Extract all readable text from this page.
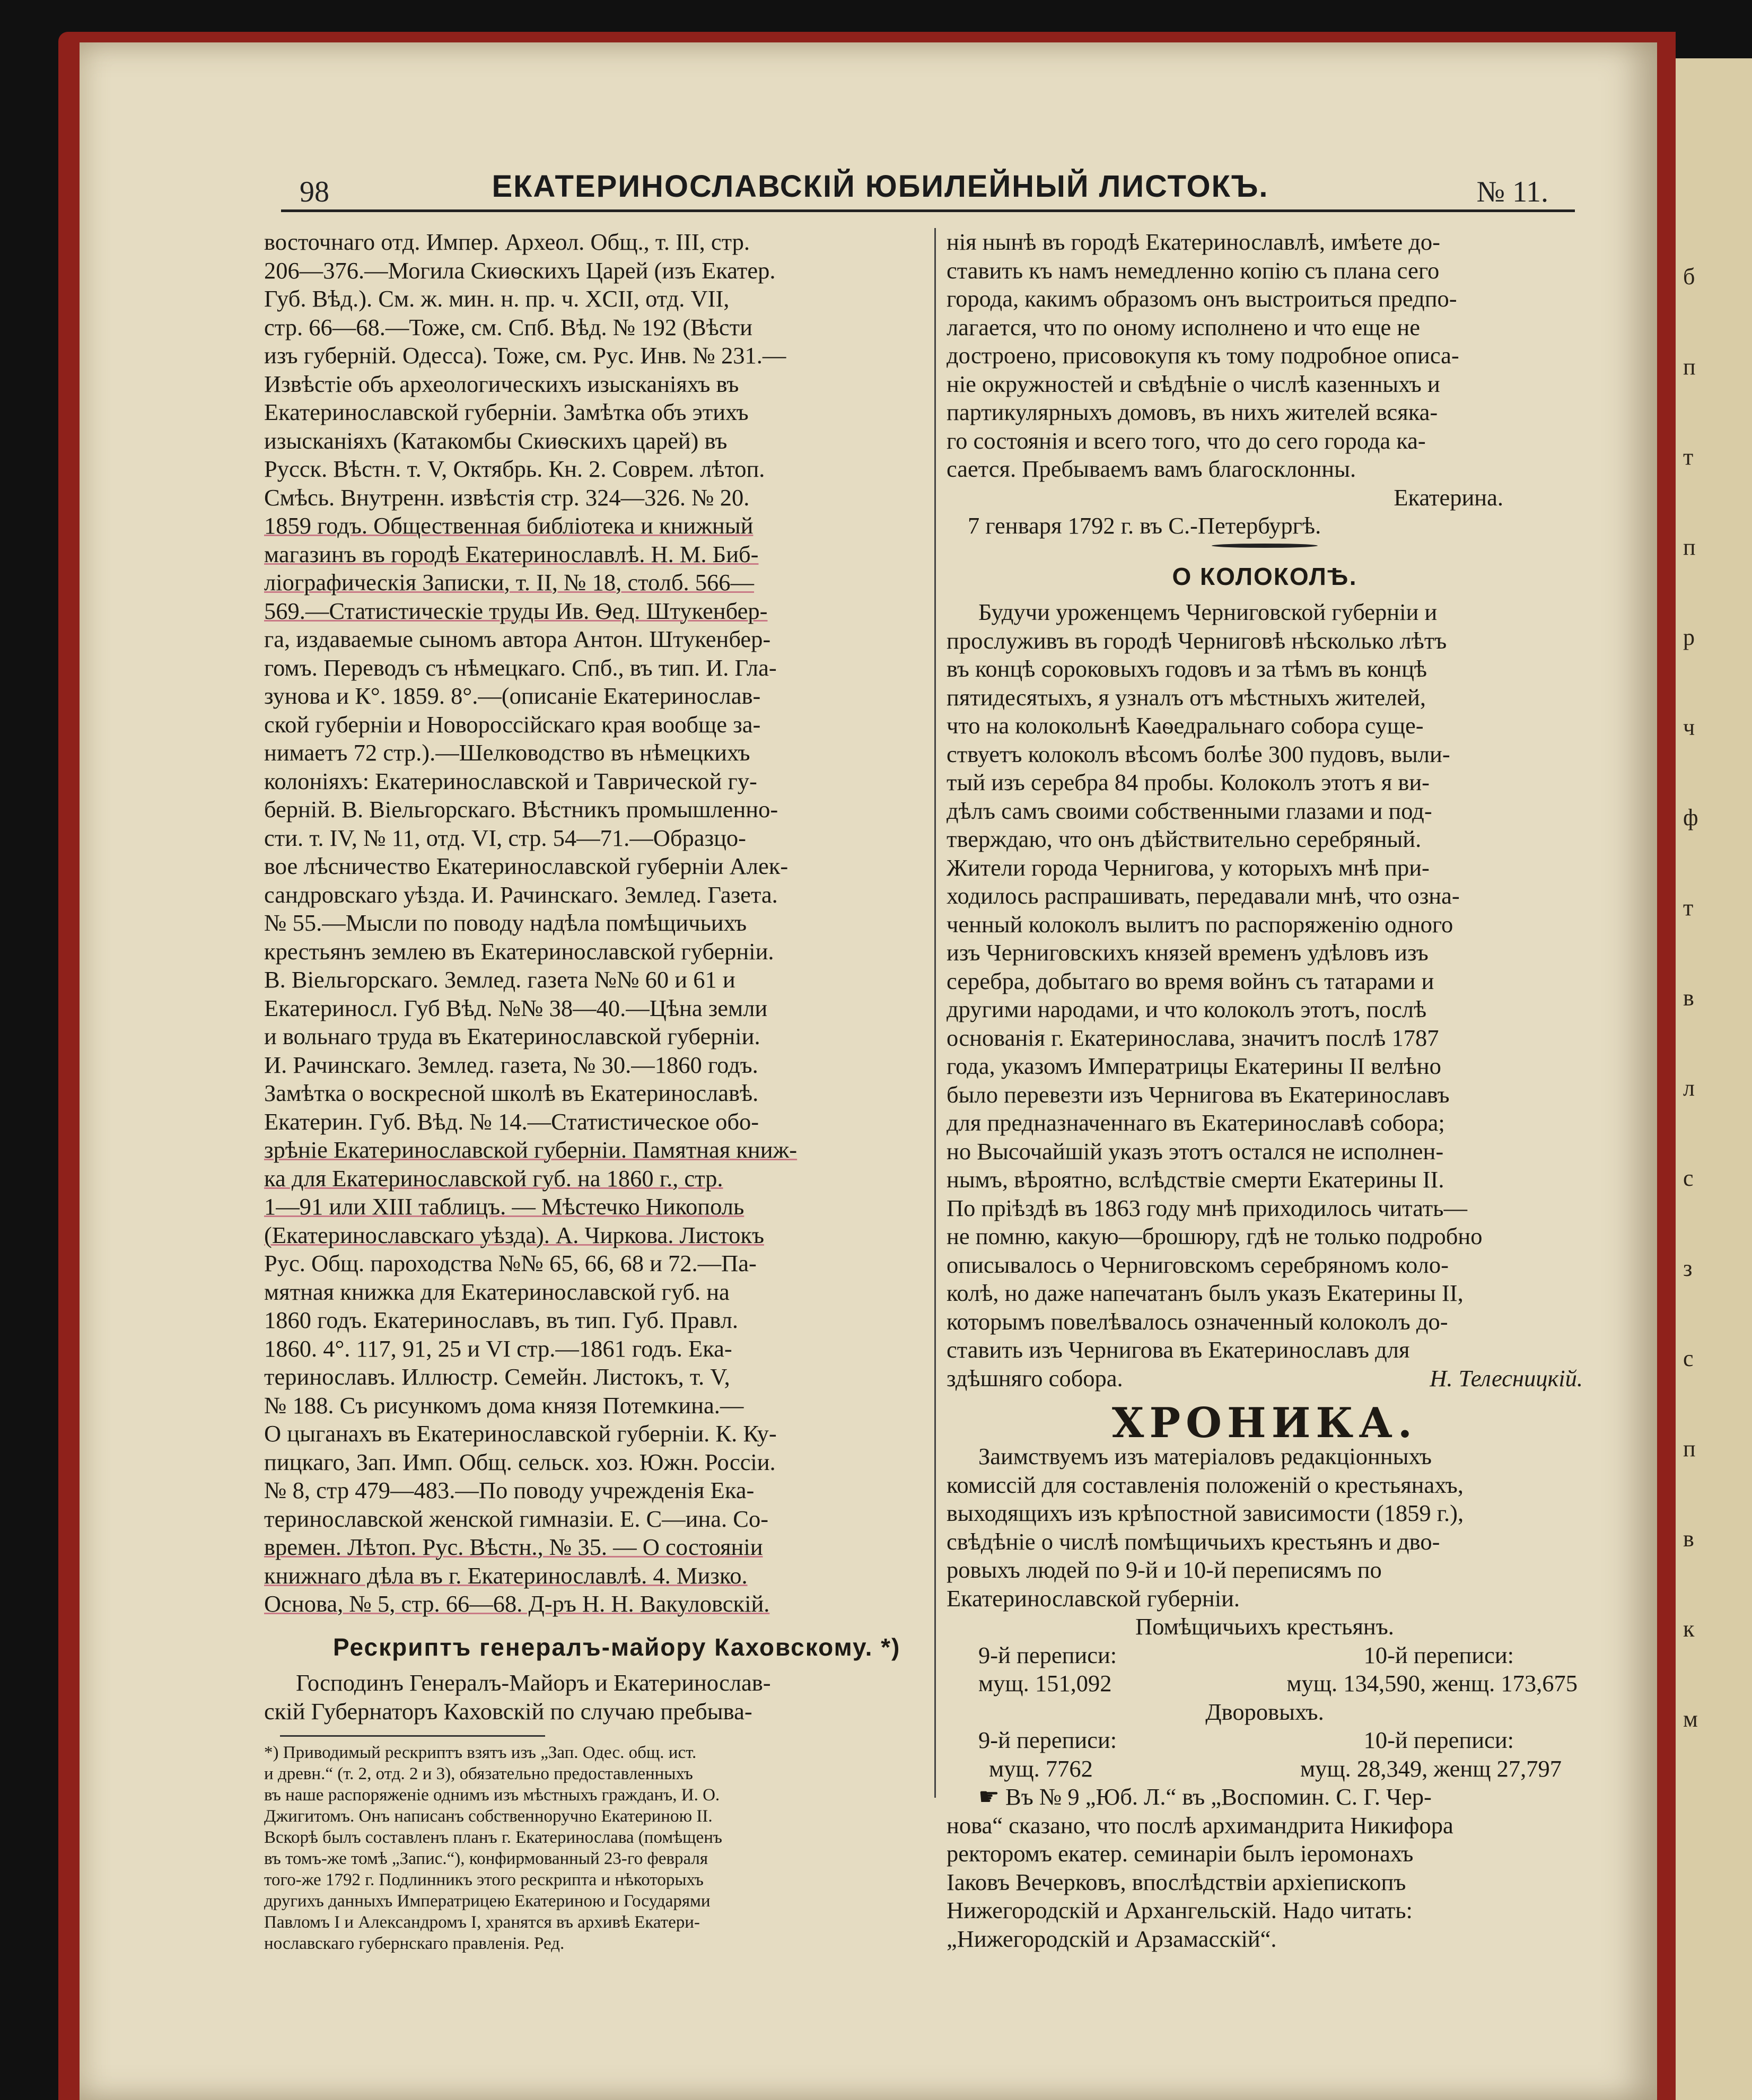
б
п
т
п
р
ч
ф
т
в
л
с
з
с
п
в
к
м
98	ЕКАТЕРИНОСЛАВСКІЙ ЮБИЛЕЙНЫЙ ЛИСТОКЪ.	№ 11.

восточнаго отд. Импер. Археол. Общ., т. III, стр.

206—376.—Могила Скиѳскихъ Царей (изъ Екатер.

Губ. Вѣд.). См. ж. мин. н. пр. ч. XCII, отд. VII,

стр. 66—68.—Тоже, см. Спб. Вѣд. № 192 (Вѣсти

изъ губерній. Одесса). Тоже, см. Рус. Инв. № 231.—

Извѣстіе объ археологическихъ изысканіяхъ въ

Екатеринославской губерніи. Замѣтка объ этихъ

изысканіяхъ (Катакомбы Скиѳскихъ царей) въ

Русск. Вѣстн. т. V, Октябрь. Кн. 2. Соврем. лѣтоп.

Смѣсь. Внутренн. извѣстія стр. 324—326. № 20.

1859 годъ. Общественная библіотека и книжный

магазинъ въ городѣ Екатеринославлѣ. Н. М. Биб-

ліографическія Записки, т. II, № 18, столб. 566—

569.—Статистическіе труды Ив. Ѳед. Штукенбер-

га, издаваемые сыномъ автора Антон. Штукенбер-

гомъ. Переводъ съ нѣмецкаго. Спб., въ тип. И. Гла-

зунова и К°. 1859. 8°.—(описаніе Екатеринослав-

ской губерніи и Новороссійскаго края вообще за-

нимаетъ 72 стр.).—Шелководство въ нѣмецкихъ

колоніяхъ: Екатеринославской и Таврической гу-

берній. В. Віельгорскаго. Вѣстникъ промышленно-

сти. т. IV, № 11, отд. VI, стр. 54—71.—Образцо-

вое лѣсничество Екатеринославской губерніи Алек-

сандровскаго уѣзда. И. Рачинскаго. Землед. Газета.

№ 55.—Мысли по поводу надѣла помѣщичьихъ

крестьянъ землею въ Екатеринославской губерніи.

В. Віельгорскаго. Землед. газета №№ 60 и 61 и

Екатериносл. Губ Вѣд. №№ 38—40.—Цѣна земли

и вольнаго труда въ Екатеринославской губерніи.

И. Рачинскаго. Землед. газета, № 30.—1860 годъ.

Замѣтка о воскресной школѣ въ Екатеринославѣ.

Екатерин. Губ. Вѣд. № 14.—Статистическое обо-

зрѣніе Екатеринославской губерніи. Памятная книж-

ка для Екатеринославской губ. на 1860 г., стр.

1—91 или XIII таблицъ. — Мѣстечко Никополь

(Екатеринославскаго уѣзда). А. Чиркова. Листокъ

Рус. Общ. пароходства №№ 65, 66, 68 и 72.—Па-

мятная книжка для Екатеринославской губ. на

1860 годъ. Екатеринославъ, въ тип. Губ. Правл.

1860. 4°. 117, 91, 25 и VI стр.—1861 годъ. Ека-

теринославъ. Иллюстр. Семейн. Листокъ, т. V,

№ 188. Съ рисункомъ дома князя Потемкина.—

О цыганахъ въ Екатеринославской губерніи. К. Ку-

пицкаго, Зап. Имп. Общ. сельск. хоз. Южн. Россіи.

№ 8, стр 479—483.—По поводу учрежденія Ека-

теринославской женской гимназіи. Е. С—ина. Со-

времен. Лѣтоп. Рус. Вѣстн., № 35. — О состояніи

книжнаго дѣла въ г. Екатеринославлѣ. 4. Мизко.

Основа, № 5, стр. 66—68. Д-ръ Н. Н. Вакуловскій.

Рескриптъ генералъ-майору Каховскому. *)

Господинъ Генералъ-Майоръ и Екатеринослав-

скій Губернаторъ Каховскій по случаю пребыва-

*) Приводимый рескриптъ взятъ изъ „Зап. Одес. общ. ист.

и древн.“ (т. 2, отд. 2 и 3), обязательно предоставленныхъ

въ наше распоряженіе однимъ изъ мѣстныхъ гражданъ, И. О.

Джигитомъ. Онъ написанъ собственноручно Екатериною II.

Вскорѣ былъ составленъ планъ г. Екатеринослава (помѣщенъ

въ томъ-же томѣ „Запис.“), конфирмованный 23-го февраля

того-же 1792 г. Подлинникъ этого рескрипта и нѣкоторыхъ

другихъ данныхъ Императрицею Екатериною и Государями

Павломъ I и Александромъ I, хранятся въ архивѣ Екатери-

нославскаго губернскаго правленія. Ред.

нія нынѣ въ городѣ Екатеринославлѣ, имѣете до-

ставить къ намъ немедленно копію съ плана сего

города, какимъ образомъ онъ выстроиться предпо-

лагается, что по оному исполнено и что еще не

достроено, присовокупя къ тому подробное описа-

ніе окружностей и свѣдѣніе о числѣ казенныхъ и

партикулярныхъ домовъ, въ нихъ жителей всяка-

го состоянія и всего того, что до сего города ка-

сается. Пребываемъ вамъ благосклонны.

Екатерина.

7 генваря 1792 г. въ С.-Петербургѣ.

О КОЛОКОЛѢ.

Будучи уроженцемъ Черниговской губерніи и

прослуживъ въ городѣ Черниговѣ нѣсколько лѣтъ

въ концѣ сороковыхъ годовъ и за тѣмъ въ концѣ

пятидесятыхъ, я узналъ отъ мѣстныхъ жителей,

что на колокольнѣ Каѳедральнаго собора суще-

ствуетъ колоколъ вѣсомъ болѣе 300 пудовъ, выли-

тый изъ серебра 84 пробы. Колоколъ этотъ я ви-

дѣлъ самъ своими собственными глазами и под-

тверждаю, что онъ дѣйствительно серебряный.

Жители города Чернигова, у которыхъ мнѣ при-

ходилось распрашивать, передавали мнѣ, что озна-

ченный колоколъ вылитъ по распоряженію одного

изъ Черниговскихъ князей временъ удѣловъ изъ

серебра, добытаго во время войнъ съ татарами и

другими народами, и что колоколъ этотъ, послѣ

основанія г. Екатеринослава, значитъ послѣ 1787

года, указомъ Императрицы Екатерины II велѣно

было перевезти изъ Чернигова въ Екатеринославъ

для предназначеннаго въ Екатеринославѣ собора;

но Высочайшій указъ этотъ остался не исполнен-

нымъ, вѣроятно, вслѣдствіе смерти Екатерины II.

По пріѣздѣ въ 1863 году мнѣ приходилось читать—

не помню, какую—брошюру, гдѣ не только подробно

описывалось о Черниговскомъ серебряномъ коло-

колѣ, но даже напечатанъ былъ указъ Екатерины II,

которымъ повелѣвалось означенный колоколъ до-

ставить изъ Чернигова въ Екатеринославъ для

здѣшняго собора.	Н. Телесницкій.

ХРОНИКА.

Заимствуемъ изъ матеріаловъ редакціонныхъ

комиссій для составленія положеній о крестьянахъ,

выходящихъ изъ крѣпостной зависимости (1859 г.),

свѣдѣніе о числѣ помѣщичьихъ крестьянъ и дво-

ровыхъ людей по 9-й и 10-й переписямъ по

Екатеринославской губерніи.

Помѣщичьихъ крестьянъ.

9-й переписи:	10-й переписи:
мущ. 151,092	мущ. 134,590, женщ. 173,675

Дворовыхъ.

9-й переписи:	10-й переписи:
мущ. 7762	мущ. 28,349, женщ 27,797

☛ Въ № 9 „Юб. Л.“ въ „Воспомин. С. Г. Чер-

нова“ сказано, что послѣ архимандрита Никифора

ректоромъ екатер. семинаріи былъ іеромонахъ

Іаковъ Вечерковъ, впослѣдствіи архіепископъ

Нижегородскій и Архангельскій. Надо читать:

„Нижегородскій и Арзамасскій“.
